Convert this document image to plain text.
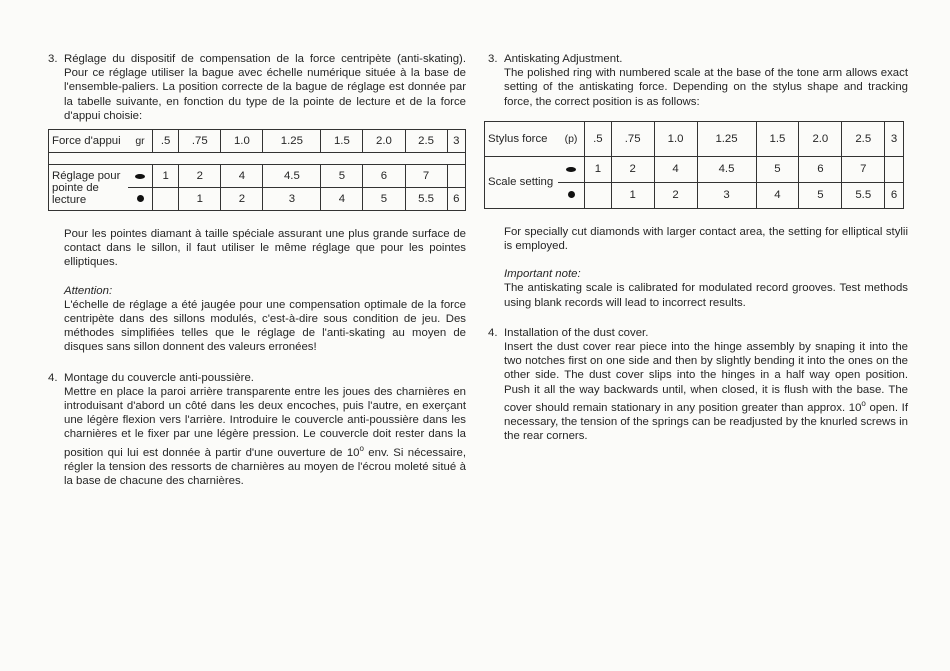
3. Réglage du dispositif de compensation de la force centripète (anti-skating). Pour ce réglage utiliser la bague avec échelle numérique située à la base de l'ensemble-paliers. La position correcte de la bague de réglage est donnée par la tabelle suivante, en fonction du type de la pointe de lecture et de la force d'appui choisie:

Force d'appui	gr	.5	.75	1.0	1.25	1.5	2.0	2.5	3

Réglage pour pointe de lecture		1	2	4	4.5	5	6	7	
			1	2	3	4	5	5.5	6

Pour les pointes diamant à taille spéciale assurant une plus grande surface de contact dans le sillon, il faut utiliser le même réglage que pour les pointes elliptiques.

Attention:

L'échelle de réglage a été jaugée pour une compensation optimale de la force centripète dans des sillons modulés, c'est-à-dire sous condition de jeu. Des méthodes simplifiées telles que le réglage de l'anti-skating au moyen de disques sans sillon donnent des valeurs erronées!

4. Montage du couvercle anti-poussière.

Mettre en place la paroi arrière transparente entre les joues des charnières en introduisant d'abord un côté dans les deux encoches, puis l'autre, en exerçant une légère flexion vers l'arrière. Introduire le couvercle anti-poussière dans les charnières et le fixer par une légère pression. Le couvercle doit rester dans la position qui lui est donnée à partir d'une ouverture de 10$^o$ env. Si nécessaire, régler la tension des ressorts de charnières au moyen de l'écrou moleté situé à la base de chacune des charnières.

3. Antiskating Adjustment.

The polished ring with numbered scale at the base of the tone arm allows exact setting of the antiskating force. Depending on the stylus shape and tracking force, the correct position is as follows:

Stylus force	(p)	.5	.75	1.0	1.25	1.5	2.0	2.5	3
Scale setting		1	2	4	4.5	5	6	7	
			1	2	3	4	5	5.5	6

For specially cut diamonds with larger contact area, the setting for elliptical stylii is employed.

Important note:

The antiskating scale is calibrated for modulated record grooves. Test methods using blank records will lead to incorrect results.

4. Installation of the dust cover.

Insert the dust cover rear piece into the hinge assembly by snaping it into the two notches first on one side and then by slightly bending it into the ones on the other side. The dust cover slips into the hinges in a half way open position. Push it all the way backwards until, when closed, it is flush with the base. The cover should remain stationary in any position greater than approx. 10$^o$ open. If necessary, the tension of the springs can be readjusted by the knurled screws in the rear corners.
